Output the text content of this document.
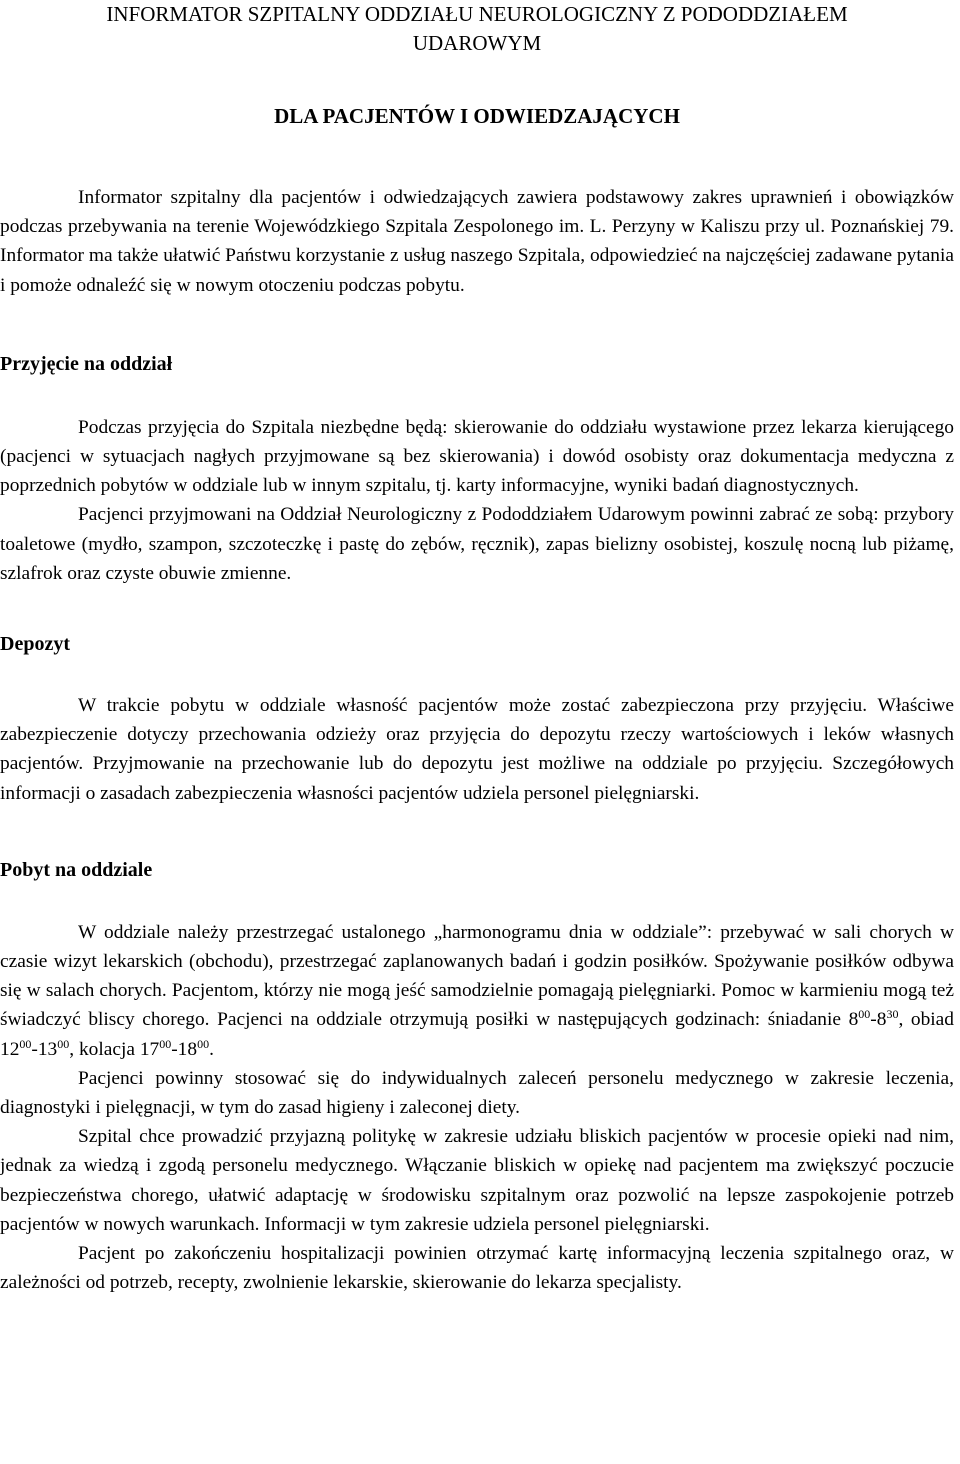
INFORMATOR SZPITALNY ODDZIAŁU NEUROLOGICZNY Z PODODDZIAŁEM
UDAROWYM
DLA PACJENTÓW I ODWIEDZAJĄCYCH

Informator szpitalny dla pacjentów i odwiedzających zawiera podstawowy zakres uprawnień i obowiązków podczas przebywania na terenie Wojewódzkiego Szpitala Zespolonego im. L. Perzyny w Kaliszu przy ul. Poznańskiej 79. Informator ma także ułatwić Państwu korzystanie z usług naszego Szpitala, odpowiedzieć na najczęściej zadawane pytania i pomoże odnaleźć się w nowym otoczeniu podczas pobytu.

Przyjęcie na oddział

Podczas przyjęcia do Szpitala niezbędne będą: skierowanie do oddziału wystawione przez lekarza kierującego (pacjenci w sytuacjach nagłych przyjmowane są bez skierowania) i dowód osobisty oraz dokumentacja medyczna z poprzednich pobytów w oddziale lub w innym szpitalu, tj. karty informacyjne, wyniki badań diagnostycznych.

Pacjenci przyjmowani na Oddział Neurologiczny z Pododdziałem Udarowym powinni zabrać ze sobą: przybory toaletowe (mydło, szampon, szczoteczkę i pastę do zębów, ręcznik), zapas bielizny osobistej, koszulę nocną lub piżamę, szlafrok oraz czyste obuwie zmienne.

Depozyt

W trakcie pobytu w oddziale własność pacjentów może zostać zabezpieczona przy przyjęciu. Właściwe zabezpieczenie dotyczy przechowania odzieży oraz przyjęcia do depozytu rzeczy wartościowych i leków własnych pacjentów. Przyjmowanie na przechowanie lub do depozytu jest możliwe na oddziale po przyjęciu. Szczegółowych informacji o zasadach zabezpieczenia własności pacjentów udziela personel pielęgniarski.

Pobyt na oddziale

W oddziale należy przestrzegać ustalonego „harmonogramu dnia w oddziale”: przebywać w sali chorych w czasie wizyt lekarskich (obchodu), przestrzegać zaplanowanych badań i godzin posiłków. Spożywanie posiłków odbywa się w salach chorych. Pacjentom, którzy nie mogą jeść samodzielnie pomagają pielęgniarki. Pomoc w karmieniu mogą też świadczyć bliscy chorego. Pacjenci na oddziale otrzymują posiłki w następujących godzinach: śniadanie $8^{00}-8^{30}$, obiad $12^{00}-13^{00}$, kolacja $17^{00}-18^{00}$.

Pacjenci powinny stosować się do indywidualnych zaleceń personelu medycznego w zakresie leczenia, diagnostyki i pielęgnacji, w tym do zasad higieny i zaleconej diety.

Szpital chce prowadzić przyjazną politykę w zakresie udziału bliskich pacjentów w procesie opieki nad nim, jednak za wiedzą i zgodą personelu medycznego. Włączanie bliskich w opiekę nad pacjentem ma zwiększyć poczucie bezpieczeństwa chorego, ułatwić adaptację w środowisku szpitalnym oraz pozwolić na lepsze zaspokojenie potrzeb pacjentów w nowych warunkach. Informacji w tym zakresie udziela personel pielęgniarski.

Pacjent po zakończeniu hospitalizacji powinien otrzymać kartę informacyjną leczenia szpitalnego oraz, w zależności od potrzeb, recepty, zwolnienie lekarskie, skierowanie do lekarza specjalisty.
